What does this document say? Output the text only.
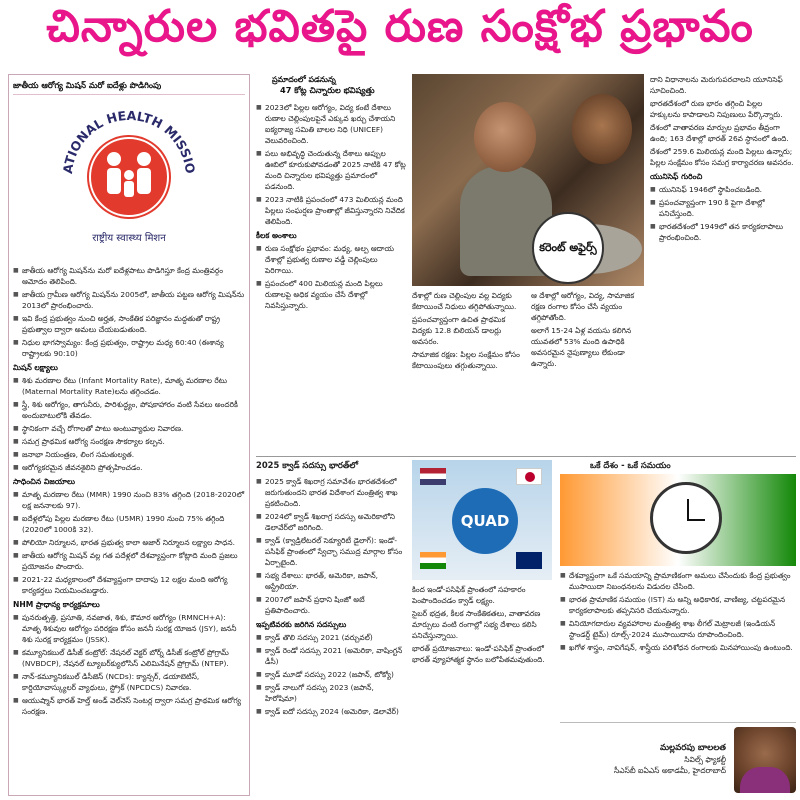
చిన్నారుల భవితపై రుణ సంక్షోభ ప్రభావం
జాతీయ ఆరోగ్య మిషన్ మరో ఐదేళ్లు పొడిగింపు
ATIONAL HEALTH MISSIO
राष्ट्रीय स्वास्थ्य मिशन

■ జాతీయ ఆరోగ్య మిషన్‌ను మరో ఐదేళ్లపాటు పొడిగిస్తూ కేంద్ర మంత్రివర్గం ఆమోదం తెలిపింది.

■ జాతీయ గ్రామీణ ఆరోగ్య మిషన్‌ను 2005లో, జాతీయ పట్టణ ఆరోగ్య మిషన్‌ను 2013లో ప్రారంభించారు.

■ ఇవి కేంద్ర ప్రభుత్వం నుంచి అర్హత, సాంకేతిక పరిజ్ఞానం మద్దతుతో రాష్ట్ర ప్రభుత్వాల ద్వారా అమలు చేయబడుతుంది.

■ నిధుల భాగస్వామ్యం: కేంద్ర ప్రభుత్వం, రాష్ట్రాల మధ్య 60:40 (ఈశాన్య రాష్ట్రాలకు 90:10)

మిషన్ లక్ష్యాలు

■ శిశు మరణాల రేటు (Infant Mortality Rate), మాతృ మరణాల రేటు (Maternal Mortality Rate)లను తగ్గించడం.

■ స్త్రీ, శిశు ఆరోగ్యం, తాగునీరు, పారిశుద్ధ్యం, పోషకాహారం వంటి సేవలు అందరికీ అందుబాటులోకి తేవడం.

■ స్థానికంగా వచ్చే రోగాలతో పాటు అంటువ్యాధుల నివారణ.

■ సమగ్ర ప్రాథమిక ఆరోగ్య సంరక్షణ సౌకర్యాల కల్పన.

■ జనాభా నియంత్రణ, లింగ సమతుల్యత.

■ ఆరోగ్యకరమైన జీవనశైలిని ప్రోత్సహించడం.

సాధించిన విజయాలు

■ మాతృ మరణాల రేటు (MMR) 1990 నుంచి 83% తగ్గింది (2018-2020లో లక్ష జననాలకు 97).

■ ఐదేళ్లలోపు పిల్లల మరణాల రేటు (U5MR) 1990 నుంచి 75% తగ్గింది (2020లో 1000కి 32).

■ పోలియో నిర్మూలన, భారత ప్రభుత్వ కాలా అజార్ నిర్మూలన లక్ష్యాల సాధన.

■ జాతీయ ఆరోగ్య మిషన్ వల్ల గత పదేళ్లలో దేశవ్యాప్తంగా కోట్లాది మంది ప్రజలు ప్రయోజనం పొందారు.

■ 2021-22 మధ్యకాలంలో దేశవ్యాప్తంగా దాదాపు 12 లక్షల మంది ఆరోగ్య కార్యకర్తలు నియమించబడ్డారు.

NHM ప్రాధాన్య కార్యక్రమాలు

■ పునరుత్పత్తి, ప్రసూతి, నవజాత, శిశు, కౌమార ఆరోగ్యం (RMNCH+A): మాతృ శిశువుల ఆరోగ్యం పరిరక్షణ కోసం జననీ సురక్ష యోజన (JSY), జననీ శిశు సురక్ష కార్యక్రమం (JSSK).

■ కమ్యూనికబుల్ డిసీజ్ కంట్రోల్: నేషనల్ వెక్టర్ బోర్న్ డిసీజ్ కంట్రోల్ ప్రోగ్రామ్ (NVBDCP), నేషనల్ ట్యూబర్‌క్యులోసిస్ ఎలిమినేషన్ ప్రోగ్రామ్ (NTEP).

■ నాన్-కమ్యూనికబుల్ డిసీజెస్ (NCDs): క్యాన్సర్, డయాబెటిస్, కార్డియోవాస్క్యులర్ వ్యాధులు, స్ట్రోక్ (NPCDCS) నివారణ.

■ ఆయుష్మాన్ భారత్ హెల్త్ అండ్ వెల్‌నెస్ సెంటర్ల ద్వారా సమగ్ర ప్రాథమిక ఆరోగ్య సంరక్షణ.

ప్రమాదంలో పడనున్న
47 కోట్ల చిన్నారుల భవిష్యత్తు

■ 2023లో పిల్లల ఆరోగ్యం, విద్య కంటే దేశాలు రుణాల చెల్లింపులపైనే ఎక్కువ ఖర్చు చేశాయని ఐక్యరాజ్య సమితి బాలల నిధి (UNICEF) వెలువరించింది.

■ పలు అభివృద్ధి చెందుతున్న దేశాలు అప్పుల ఊబిలో కూరుకుపోవడంతో 2025 నాటికి 47 కోట్ల మంది చిన్నారుల భవిష్యత్తు ప్రమాదంలో పడనుంది.

■ 2023 నాటికి ప్రపంచంలో 473 మిలియన్ల మంది పిల్లలు సంఘర్షణ ప్రాంతాల్లో జీవిస్తున్నారని నివేదిక తెలిపింది.

కీలక అంశాలు

■ రుణ సంక్షోభం ప్రభావం: మధ్య, అల్ప ఆదాయ దేశాల్లో ప్రభుత్వ రుణాల వడ్డీ చెల్లింపులు పెరిగాయి.

■ ప్రపంచంలో 400 మిలియన్ల మంది పిల్లలు రుణాలపై అధిక వ్యయం చేసే దేశాల్లో నివసిస్తున్నారు.

కరెంట్ అఫైర్స్

దేశాల్లో రుణ చెల్లింపుల వల్ల విద్యకు కేటాయించే నిధులు తగ్గిపోతున్నాయి.

ప్రపంచవ్యాప్తంగా ఉచిత ప్రాథమిక విద్యకు 12.8 బిలియన్ డాలర్లు అవసరం.

సామాజిక రక్షణ: పిల్లల సంక్షేమం కోసం కేటాయింపులు తగ్గుతున్నాయి.

ఆ దేశాల్లో ఆరోగ్యం, విద్య, సామాజిక రక్షణ రంగాల కోసం చేసే వ్యయం తగ్గిపోతోంది.

అలాగే 15-24 ఏళ్ల వయసు కలిగిన యువతలో 53% మంది ఉపాధికి అవసరమైన నైపుణ్యాలు లేకుండా ఉన్నారు.

దాని విధానాలను మెరుగుపరచాలని యూనిసెఫ్ సూచించింది.

భారతదేశంలో రుణ భారం తగ్గించి పిల్లల హక్కులను కాపాడాలని నిపుణులు పేర్కొన్నారు.

దేశంలో వాతావరణ మార్పుల ప్రభావం తీవ్రంగా ఉంది; 163 దేశాల్లో భారత్ 26వ స్థానంలో ఉంది.

దేశంలో 259.6 మిలియన్ల మంది పిల్లలు ఉన్నారు; పిల్లల సంక్షేమం కోసం సమగ్ర కార్యాచరణ అవసరం.

యునిసెఫ్ గురించి

■ యునిసెఫ్ 1946లో స్థాపించబడింది.

■ ప్రపంచవ్యాప్తంగా 190 కి పైగా దేశాల్లో పనిచేస్తుంది.

■ భారతదేశంలో 1949లో తన కార్యకలాపాలు ప్రారంభించింది.

2025 క్వాడ్ సదస్సు భారత్‌లో

■ 2025 క్వాడ్ శిఖరాగ్ర సమావేశం భారతదేశంలో జరుగుతుందని భారత విదేశాంగ మంత్రిత్వ శాఖ ప్రకటించింది.

■ 2024లో క్వాడ్ శిఖరాగ్ర సదస్సు అమెరికాలోని డెలావేర్‌లో జరిగింది.

■ క్వాడ్ (క్వాడ్రిలేటరల్ సెక్యూరిటీ డైలాగ్): ఇండో-పసిఫిక్ ప్రాంతంలో స్వేచ్ఛా సముద్ర మార్గాల కోసం ఏర్పాటైంది.

■ సభ్య దేశాలు: భారత్, అమెరికా, జపాన్, ఆస్ట్రేలియా.

■ 2007లో జపాన్ ప్రధాని షింజో అబే ప్రతిపాదించారు.

ఇప్పటివరకు జరిగిన సదస్సులు

■ క్వాడ్ తొలి సదస్సు 2021 (వర్చువల్)

■ క్వాడ్ రెండో సదస్సు 2021 (అమెరికా, వాషింగ్టన్ డీసీ)

■ క్వాడ్ మూడో సదస్సు 2022 (జపాన్, టోక్యో)

■ క్వాడ్ నాలుగో సదస్సు 2023 (జపాన్, హిరోషిమా)

■ క్వాడ్ ఐదో సదస్సు 2024 (అమెరికా, డెలావేర్)

QUAD

కింద ఇండో-పసిఫిక్ ప్రాంతంలో సహకారం పెంపొందించడం క్వాడ్ లక్ష్యం.

సైబర్ భద్రత, కీలక సాంకేతికతలు, వాతావరణ మార్పులు వంటి రంగాల్లో సభ్య దేశాలు కలిసి పనిచేస్తున్నాయి.

భారత్ ప్రయోజనాలు: ఇండో-పసిఫిక్ ప్రాంతంలో భారత్ వ్యూహాత్మక స్థానం బలోపేతమవుతుంది.

ఒకే దేశం - ఒకే సమయం

■ దేశవ్యాప్తంగా ఒకే సమయాన్ని ప్రామాణికంగా అమలు చేసేందుకు కేంద్ర ప్రభుత్వం ముసాయిదా నిబంధనలను విడుదల చేసింది.

■ భారత ప్రామాణిక సమయం (IST) ను అన్ని అధికారిక, వాణిజ్య, చట్టపరమైన కార్యకలాపాలకు తప్పనిసరి చేయనున్నారు.

■ వినియోగదారుల వ్యవహారాల మంత్రిత్వ శాఖ లీగల్ మెట్రాలజీ (ఇండియన్ స్టాండర్డ్ టైమ్) రూల్స్-2024 ముసాయిదాను రూపొందించింది.

■ ఖగోళ శాస్త్రం, నావిగేషన్, శాస్త్రీయ పరిశోధన రంగాలకు మినహాయింపు ఉంటుంది.

మల్లవరపు బాలలత
సివిల్స్ ఫ్యాకల్టీ
సీఎస్‌బీ ఐఏఎస్ అకాడమీ, హైదరాబాద్
